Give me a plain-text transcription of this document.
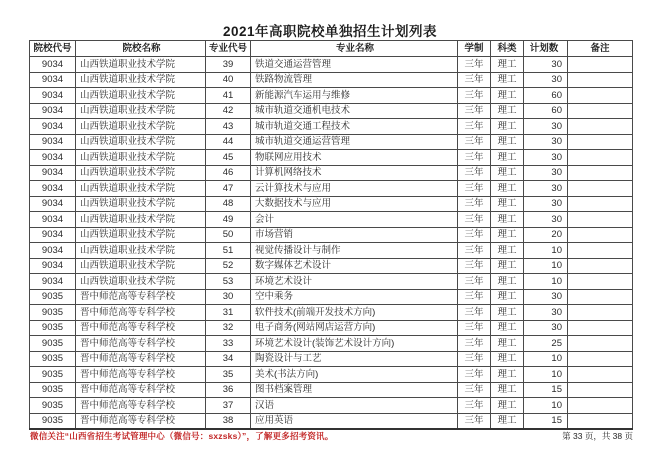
2021年高职院校单独招生计划列表
院校代号	院校名称	专业代号	专业名称	学制	科类	计划数	备注
9034	山西铁道职业技术学院	39	铁道交通运营管理	三年	理工	30	
9034	山西铁道职业技术学院	40	铁路物流管理	三年	理工	30	
9034	山西铁道职业技术学院	41	新能源汽车运用与维修	三年	理工	60	
9034	山西铁道职业技术学院	42	城市轨道交通机电技术	三年	理工	60	
9034	山西铁道职业技术学院	43	城市轨道交通工程技术	三年	理工	30	
9034	山西铁道职业技术学院	44	城市轨道交通运营管理	三年	理工	30	
9034	山西铁道职业技术学院	45	物联网应用技术	三年	理工	30	
9034	山西铁道职业技术学院	46	计算机网络技术	三年	理工	30	
9034	山西铁道职业技术学院	47	云计算技术与应用	三年	理工	30	
9034	山西铁道职业技术学院	48	大数据技术与应用	三年	理工	30	
9034	山西铁道职业技术学院	49	会计	三年	理工	30	
9034	山西铁道职业技术学院	50	市场营销	三年	理工	20	
9034	山西铁道职业技术学院	51	视觉传播设计与制作	三年	理工	10	
9034	山西铁道职业技术学院	52	数字媒体艺术设计	三年	理工	10	
9034	山西铁道职业技术学院	53	环境艺术设计	三年	理工	10	
9035	晋中师范高等专科学校	30	空中乘务	三年	理工	30	
9035	晋中师范高等专科学校	31	软件技术(前端开发技术方向)	三年	理工	30	
9035	晋中师范高等专科学校	32	电子商务(网站网店运营方向)	三年	理工	30	
9035	晋中师范高等专科学校	33	环境艺术设计(装饰艺术设计方向)	三年	理工	25	
9035	晋中师范高等专科学校	34	陶瓷设计与工艺	三年	理工	10	
9035	晋中师范高等专科学校	35	美术(书法方向)	三年	理工	10	
9035	晋中师范高等专科学校	36	图书档案管理	三年	理工	15	
9035	晋中师范高等专科学校	37	汉语	三年	理工	10	
9035	晋中师范高等专科学校	38	应用英语	三年	理工	15	
微信关注“山西省招生考试管理中心（微信号：sxzsks）”，了解更多招考资讯。	第 33 页，共 38 页
